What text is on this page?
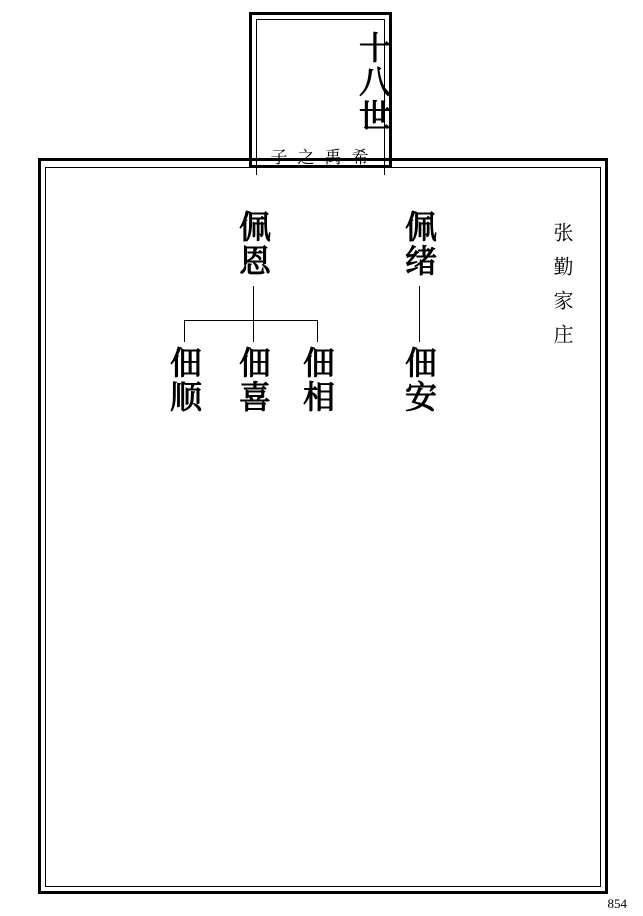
十八世
子之禹希
张勤家庄
佩恩	佩绪
佃顺 佃喜 佃相 佃安
854
